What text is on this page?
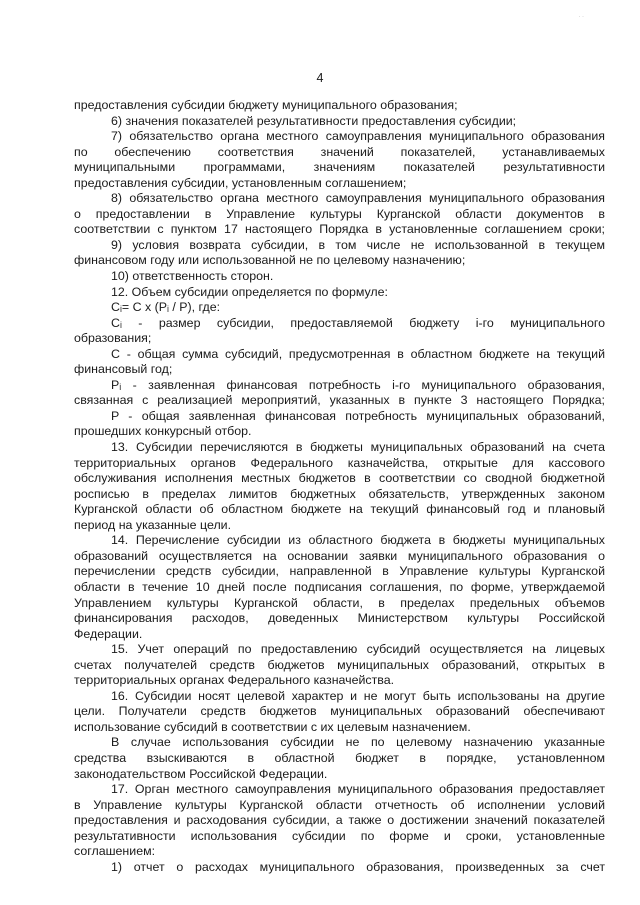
· ·
4
предоставления субсидии бюджету муниципального образования;
6) значения показателей результативности предоставления субсидии;
7) обязательство органа местного самоуправления муниципального образования
по обеспечению соответствия значений показателей, устанавливаемых
муниципальными программами, значениям показателей результативности
предоставления субсидии, установленным соглашением;
8) обязательство органа местного самоуправления муниципального образования
о предоставлении в Управление культуры Курганской области документов в
соответствии с пунктом 17 настоящего Порядка в установленные соглашением сроки;
9) условия возврата субсидии, в том числе не использованной в текущем
финансовом году или использованной не по целевому назначению;
10) ответственность сторон.
12. Объем субсидии определяется по формуле:
Cᵢ= C x (Pᵢ / P), где:
Cᵢ - размер субсидии, предоставляемой бюджету i-го муниципального
образования;
C - общая сумма субсидий, предусмотренная в областном бюджете на текущий
финансовый год;
Pᵢ - заявленная финансовая потребность i-го муниципального образования,
связанная с реализацией мероприятий, указанных в пункте 3 настоящего Порядка;
P - общая заявленная финансовая потребность муниципальных образований,
прошедших конкурсный отбор.
13. Субсидии перечисляются в бюджеты муниципальных образований на счета
территориальных органов Федерального казначейства, открытые для кассового
обслуживания исполнения местных бюджетов в соответствии со сводной бюджетной
росписью в пределах лимитов бюджетных обязательств, утвержденных законом
Курганской области об областном бюджете на текущий финансовый год и плановый
период на указанные цели.
14. Перечисление субсидии из областного бюджета в бюджеты муниципальных
образований осуществляется на основании заявки муниципального образования о
перечислении средств субсидии, направленной в Управление культуры Курганской
области в течение 10 дней после подписания соглашения, по форме, утверждаемой
Управлением культуры Курганской области, в пределах предельных объемов
финансирования расходов, доведенных Министерством культуры Российской
Федерации.
15. Учет операций по предоставлению субсидий осуществляется на лицевых
счетах получателей средств бюджетов муниципальных образований, открытых в
территориальных органах Федерального казначейства.
16. Субсидии носят целевой характер и не могут быть использованы на другие
цели. Получатели средств бюджетов муниципальных образований обеспечивают
использование субсидий в соответствии с их целевым назначением.
В случае использования субсидии не по целевому назначению указанные
средства взыскиваются в областной бюджет в порядке, установленном
законодательством Российской Федерации.
17. Орган местного самоуправления муниципального образования предоставляет
в Управление культуры Курганской области отчетность об исполнении условий
предоставления и расходования субсидии, а также о достижении значений показателей
результативности использования субсидии по форме и сроки, установленные
соглашением:
1) отчет о расходах муниципального образования, произведенных за счет
